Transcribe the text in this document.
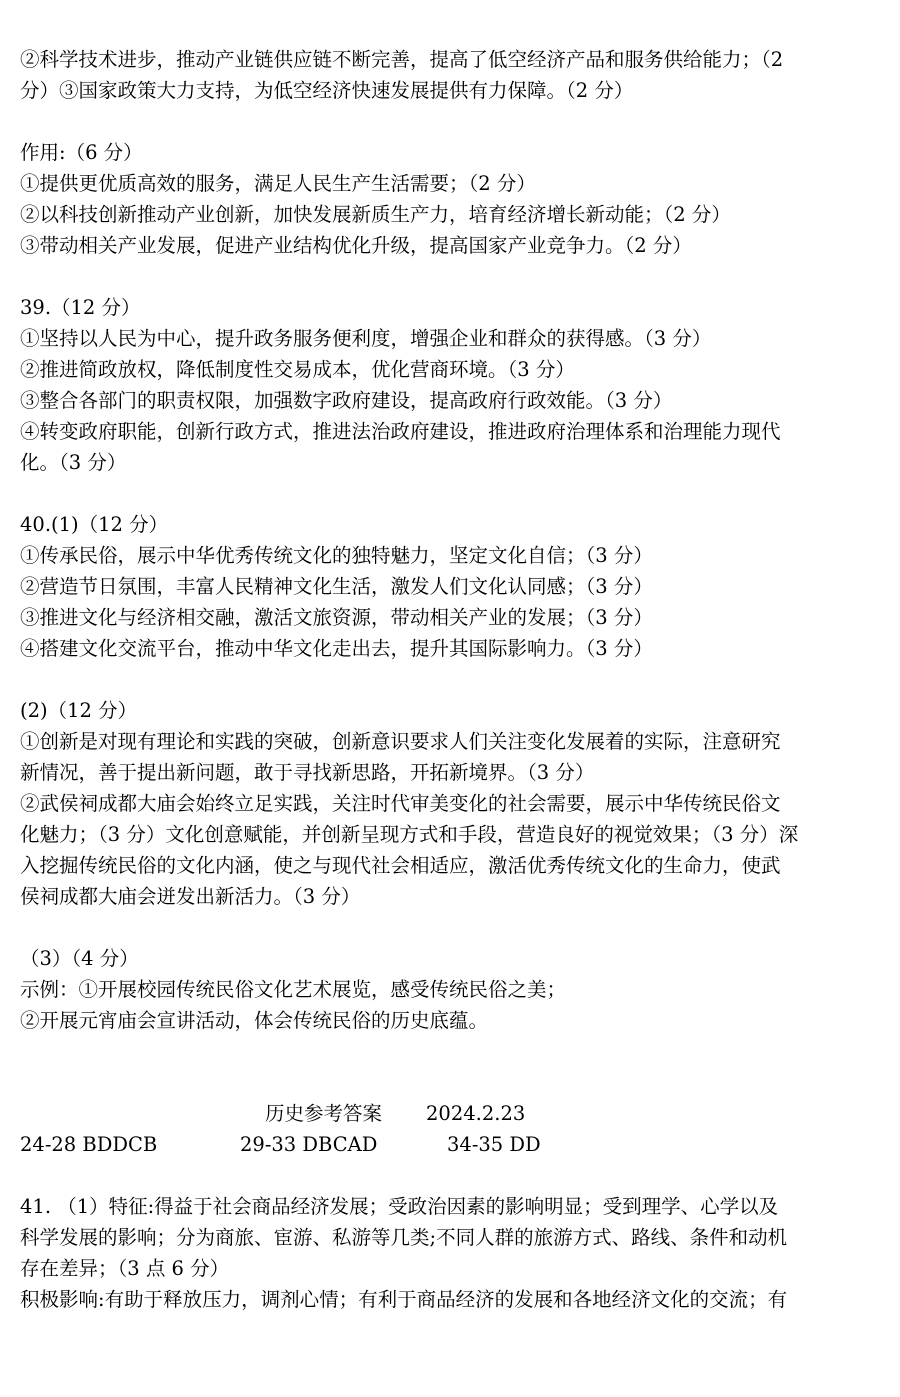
②科学技术进步，推动产业链供应链不断完善，提高了低空经济产品和服务供给能力；（2
分）③国家政策大力支持，为低空经济快速发展提供有力保障。（2 分）
作用:（6 分）
①提供更优质高效的服务，满足人民生产生活需要；（2 分）
②以科技创新推动产业创新，加快发展新质生产力，培育经济增长新动能；（2 分）
③带动相关产业发展，促进产业结构优化升级，提高国家产业竞争力。（2 分）
39.（12 分）
①坚持以人民为中心，提升政务服务便利度，增强企业和群众的获得感。（3 分）
②推进简政放权，降低制度性交易成本，优化营商环境。（3 分）
③整合各部门的职责权限，加强数字政府建设，提高政府行政效能。（3 分）
④转变政府职能，创新行政方式，推进法治政府建设，推进政府治理体系和治理能力现代
化。（3 分）
40.(1)（12 分）
①传承民俗，展示中华优秀传统文化的独特魅力，坚定文化自信；（3 分）
②营造节日氛围，丰富人民精神文化生活，激发人们文化认同感；（3 分）
③推进文化与经济相交融，激活文旅资源，带动相关产业的发展；（3 分）
④搭建文化交流平台，推动中华文化走出去，提升其国际影响力。（3 分）
(2)（12 分）
①创新是对现有理论和实践的突破，创新意识要求人们关注变化发展着的实际，注意研究
新情况，善于提出新问题，敢于寻找新思路，开拓新境界。（3 分）
②武侯祠成都大庙会始终立足实践，关注时代审美变化的社会需要，展示中华传统民俗文
化魅力；（3 分）文化创意赋能，并创新呈现方式和手段，营造良好的视觉效果；（3 分）深
入挖掘传统民俗的文化内涵，使之与现代社会相适应，激活优秀传统文化的生命力，使武
侯祠成都大庙会迸发出新活力。（3 分）
（3）（4 分）
示例：①开展校园传统民俗文化艺术展览，感受传统民俗之美；
②开展元宵庙会宣讲活动，体会传统民俗的历史底蕴。
历史参考答案 2024.2.23
24-28 BDDCB	29-33 DBCAD	34-35 DD
41. （1）特征:得益于社会商品经济发展；受政治因素的影响明显；受到理学、心学以及
科学发展的影响；分为商旅、宦游、私游等几类;不同人群的旅游方式、路线、条件和动机
存在差异；（3 点 6 分）
积极影响:有助于释放压力，调剂心情；有利于商品经济的发展和各地经济文化的交流；有
